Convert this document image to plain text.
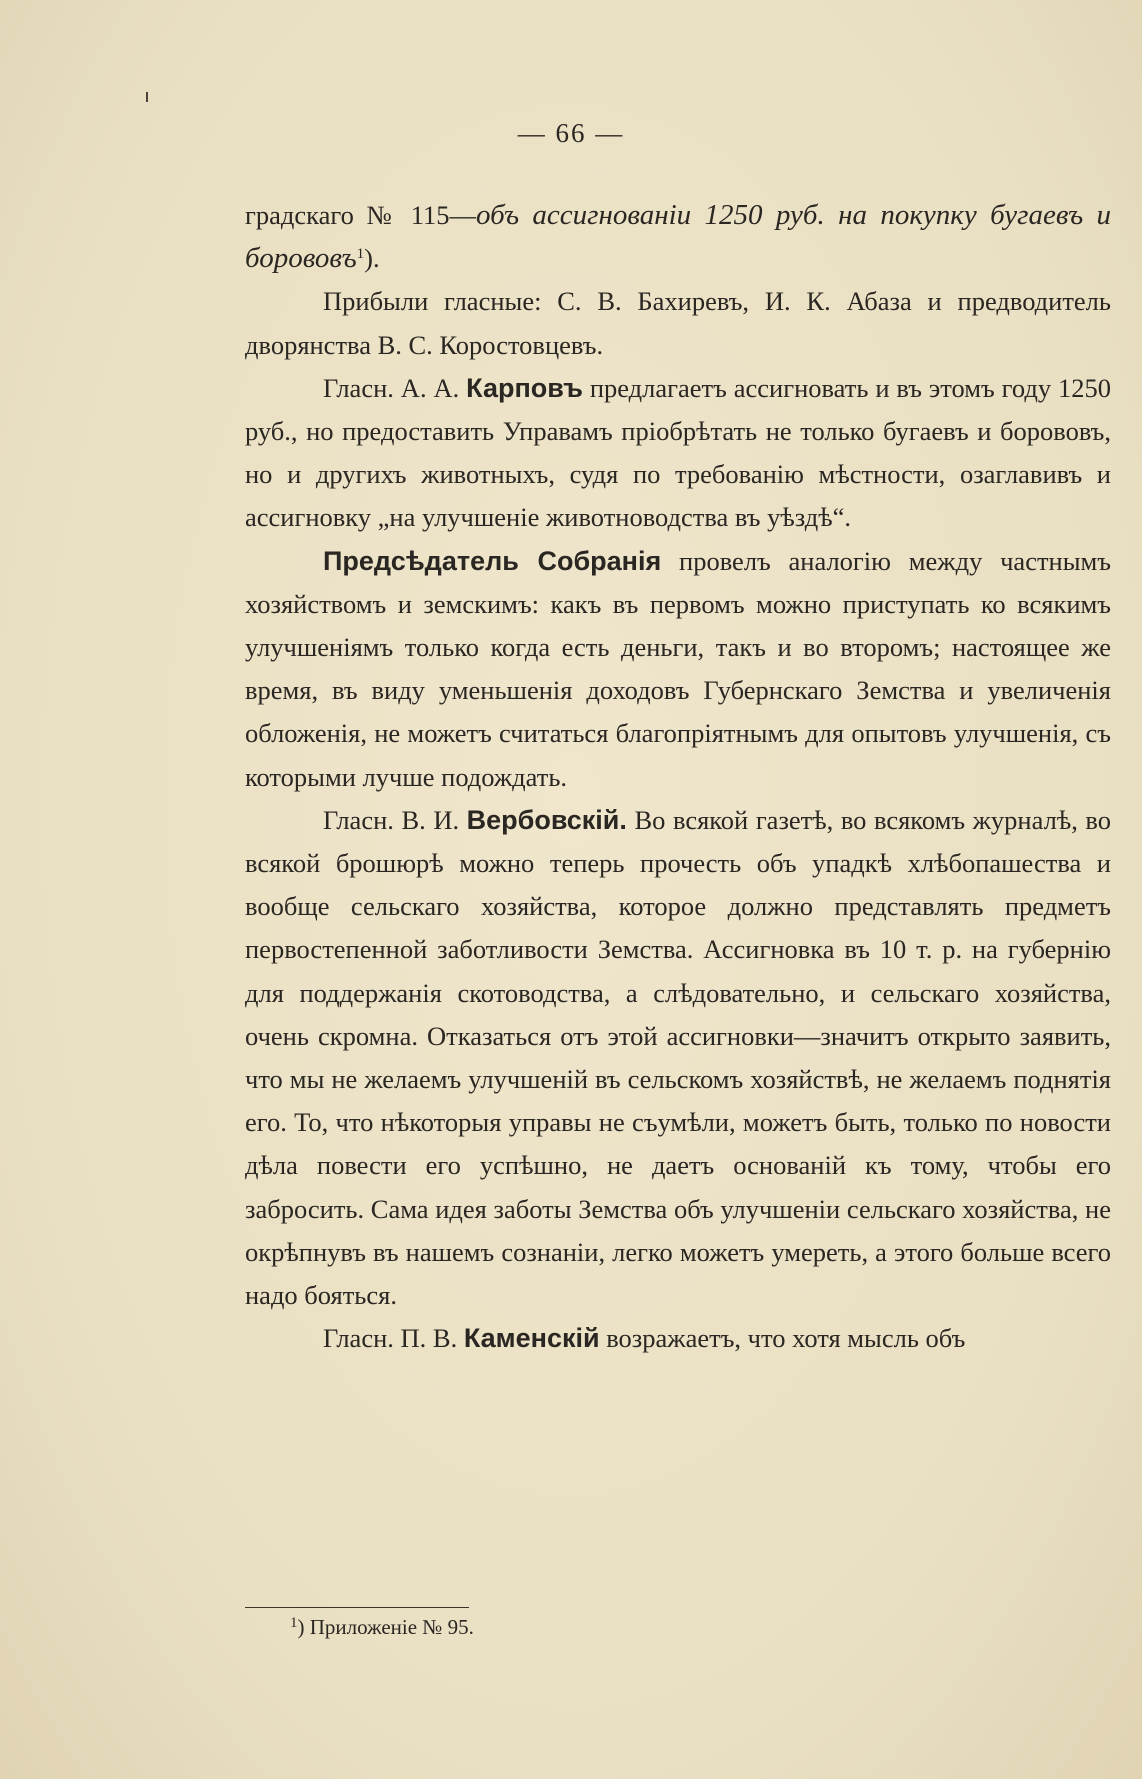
— 66 —

градскаго № 115—объ ассигнованіи 1250 руб. на покупку бугаевъ и борововъ$^1$).

Прибыли гласные: С. В. Бахиревъ, И. К. Абаза и предводитель дворянства В. С. Коростовцевъ.

Гласн. А. А. Карповъ предлагаетъ ассигновать и въ этомъ году 1250 руб., но предоставить Управамъ пріобрѣтать не только бугаевъ и борововъ, но и другихъ животныхъ, судя по требованію мѣстности, озаглавивъ и ассигновку „на улучшеніе животноводства въ уѣздѣ“.

Предсѣдатель Собранія провелъ аналогію между частнымъ хозяйствомъ и земскимъ: какъ въ первомъ можно приступать ко всякимъ улучшеніямъ только когда есть деньги, такъ и во второмъ; настоящее же время, въ виду уменьшенія доходовъ Губернскаго Земства и увеличенія обложенія, не можетъ считаться благопріятнымъ для опытовъ улучшенія, съ которыми лучше подождать.

Гласн. В. И. Вербовскій. Во всякой газетѣ, во всякомъ журналѣ, во всякой брошюрѣ можно теперь прочесть объ упадкѣ хлѣбопашества и вообще сельскаго хозяйства, которое должно представлять предметъ первостепенной заботливости Земства. Ассигновка въ 10 т. р. на губернію для поддержанія скотоводства, а слѣдовательно, и сельскаго хозяйства, очень скромна. Отказаться отъ этой ассигновки—значитъ открыто заявить, что мы не желаемъ улучшеній въ сельскомъ хозяйствѣ, не желаемъ поднятія его. То, что нѣкоторыя управы не съумѣли, можетъ быть, только по новости дѣла повести его успѣшно, не даетъ основаній къ тому, чтобы его забросить. Сама идея заботы Земства объ улучшеніи сельскаго хозяйства, не окрѣпнувъ въ нашемъ сознаніи, легко можетъ умереть, а этого больше всего надо бояться.

Гласн. П. В. Каменскій возражаетъ, что хотя мысль объ

$^1$) Приложеніе № 95.
